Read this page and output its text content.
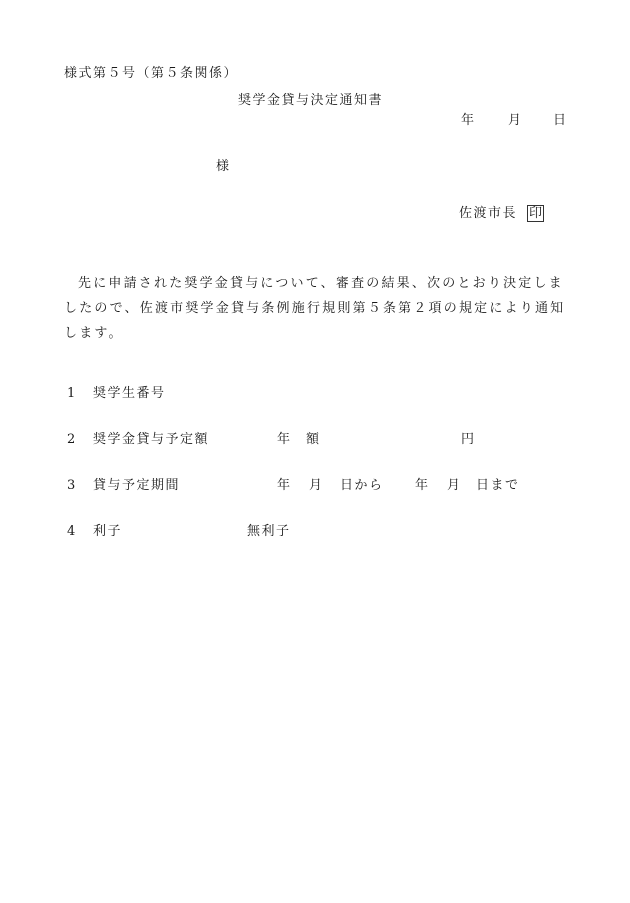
様式第５号（第５条関係）
奨学金貸与決定通知書
年 月 日
様
佐渡市長 印
先に申請された奨学金貸与について、審査の結果、次のとおり決定しましたので、佐渡市奨学金貸与条例施行規則第５条第２項の規定により通知します。
1 奨学生番号
2 奨学金貸与予定額	年　額	円
3 貸与予定期間	年 月 日から 年 月 日まで
4 利子	無利子
